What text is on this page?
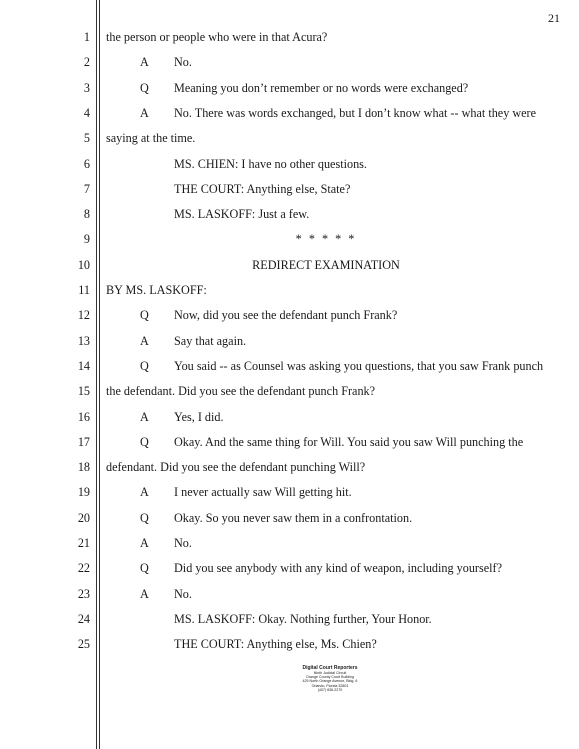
21
1 the person or people who were in that Acura?
2	A No.
3	Q Meaning you don’t remember or no words were exchanged?
4	A No. There was words exchanged, but I don’t know what -- what they were
5 saying at the time.
6	MS. CHIEN: I have no other questions.
7	THE COURT: Anything else, State?
8	MS. LASKOFF: Just a few.
9	* * * * *
10	REDIRECT EXAMINATION
11 BY MS. LASKOFF:
12	Q Now, did you see the defendant punch Frank?
13	A Say that again.
14	Q You said -- as Counsel was asking you questions, that you saw Frank punch
15 the defendant. Did you see the defendant punch Frank?
16	A Yes, I did.
17	Q Okay. And the same thing for Will. You said you saw Will punching the
18 defendant. Did you see the defendant punching Will?
19	A I never actually saw Will getting hit.
20	Q Okay. So you never saw them in a confrontation.
21	A No.
22	Q Did you see anybody with any kind of weapon, including yourself?
23	A No.
24	MS. LASKOFF: Okay. Nothing further, Your Honor.
25	THE COURT: Anything else, Ms. Chien?
Digital Court Reporters
Ninth Judicial Circuit
Orange County Court Building
425 North Orange Avenue, Bldg. 6
Orlando, Florida 32801
(407) 836-2270
